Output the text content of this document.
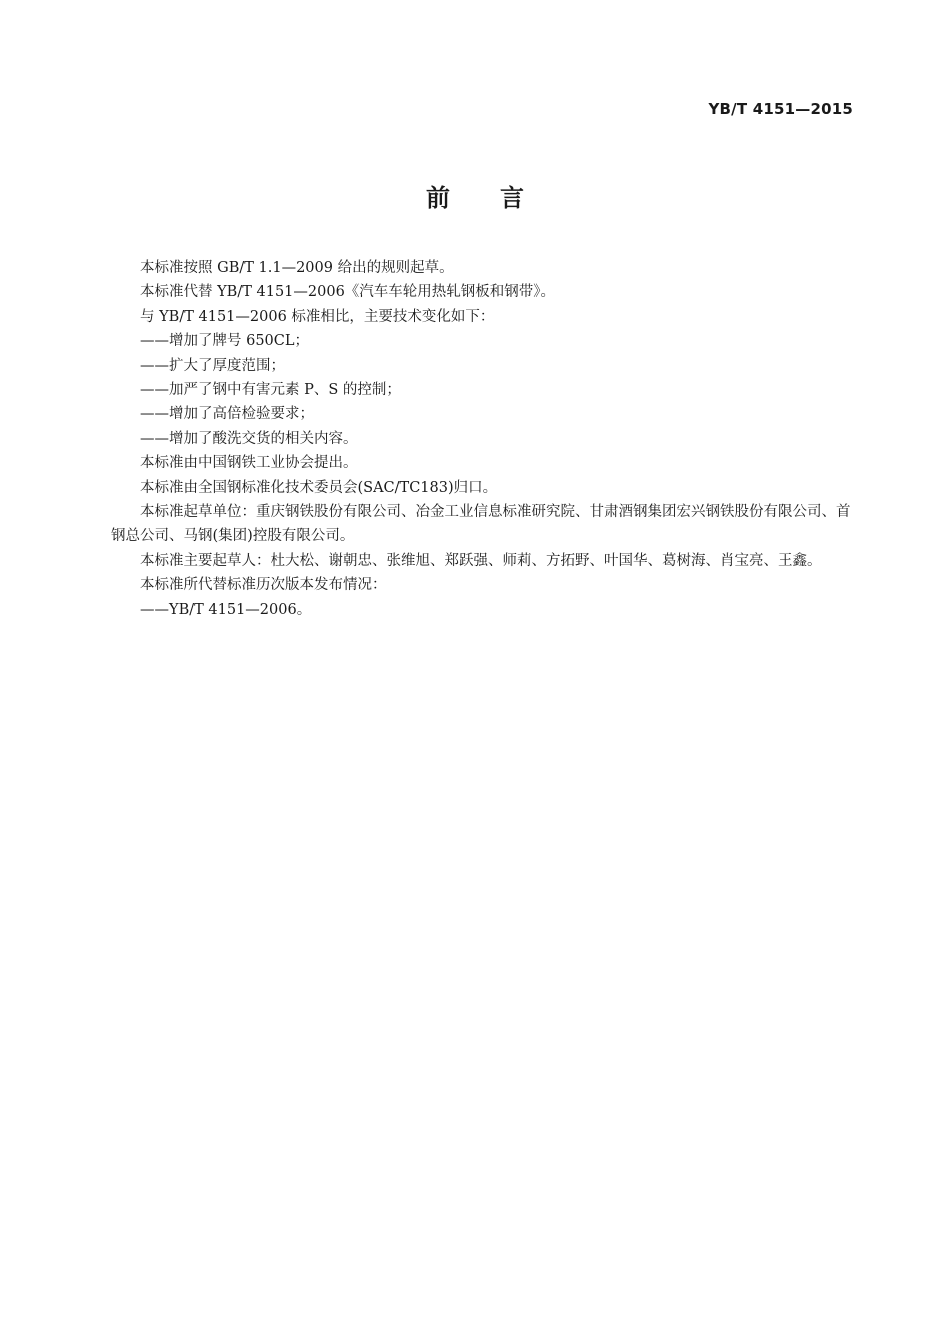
YB/T 4151—2015
前言

本标准按照 GB/T 1.1—2009 给出的规则起草。

本标准代替 YB/T 4151—2006《汽车车轮用热轧钢板和钢带》。

与 YB/T 4151—2006 标准相比，主要技术变化如下：

——增加了牌号 650CL；

——扩大了厚度范围；

——加严了钢中有害元素 P、S 的控制；

——增加了高倍检验要求；

——增加了酸洗交货的相关内容。

本标准由中国钢铁工业协会提出。

本标准由全国钢标准化技术委员会(SAC/TC183)归口。

本标准起草单位：重庆钢铁股份有限公司、冶金工业信息标准研究院、甘肃酒钢集团宏兴钢铁股份有限公司、首钢总公司、马钢(集团)控股有限公司。

本标准主要起草人：杜大松、谢朝忠、张维旭、郑跃强、师莉、方拓野、叶国华、葛树海、肖宝亮、王鑫。

本标准所代替标准历次版本发布情况：

——YB/T 4151—2006。
